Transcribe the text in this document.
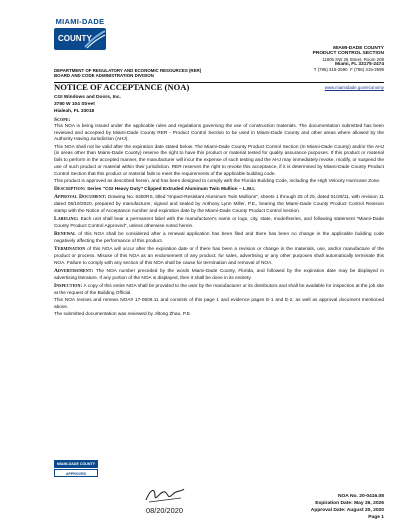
MIAMI-DADE
COUNTY
DEPARTMENT OF REGULATORY AND ECONOMIC RESOURCES (RER)
BOARD AND CODE ADMINISTRATION DIVISION
MIAMI-DADE COUNTY
PRODUCT CONTROL SECTION
11805 SW 26 Street, Room 208
Miami, FL 33175-2474
T (786) 315-2590 F (786) 315-2599
NOTICE OF ACCEPTANCE (NOA)	www.miamidade.gov/economy
CGI Windows and Doors, Inc.
3780 W 104 Street
Hialeah, FL 33018

Scope:
This NOA is being issued under the applicable rules and regulations governing the use of construction materials. The documentation submitted has been reviewed and accepted by Miami-Dade County RER - Product Control Section to be used in Miami-Dade County and other areas where allowed by the Authority Having Jurisdiction (AHJ).

This NOA shall not be valid after the expiration date stated below. The Miami-Dade County Product Control Section (In Miami-Dade County) and/or the AHJ (in areas other than Miami-Dade County) reserve the right to have this product or material tested for quality assurance purposes. If this product or material fails to perform in the accepted manner, the manufacturer will incur the expense of such testing and the AHJ may immediately revoke, modify, or suspend the use of such product or material within their jurisdiction. RER reserves the right to revoke this acceptance, if it is determined by Miami-Dade County Product Control Section that this product or material fails to meet the requirements of the applicable building code.

This product is approved as described herein, and has been designed to comply with the Florida Building Code, including the High Velocity Hurricane Zone.

Description: Series "CGI Heavy Duty" Clipped Extruded Aluminum Twin Mullion – L.M.I.

Approval Document: Drawing No. 6300RS, titled "Impact-Resistant Aluminum Twin Mullions", sheets 1 through 25 of 25, dated 01/29/11, with revision 11 dated 05/19/2020, prepared by manufacturer, signed and sealed by Anthony Lynn Miller, P.E., bearing the Miami-Dade County Product Control Revision stamp with the Notice of Acceptance number and expiration date by the Miami-Dade County Product Control Section.

Labeling: Each unit shall bear a permanent label with the manufacturer's name or logo, city, state, model/series, and following statement "Miami-Dade County Product Control Approved", unless otherwise noted herein.

Renewal of this NOA shall be considered after a renewal application has been filed and there has been no change in the applicable building code negatively affecting the performance of this product.

Termination of this NOA will occur after the expiration date or if there has been a revision or change in the materials, use, and/or manufacture of the product or process. Misuse of this NOA as an endorsement of any product, for sales, advertising or any other purposes shall automatically terminate this NOA. Failure to comply with any section of this NOA shall be cause for termination and removal of NOA.

Advertisement: The NOA number preceded by the words Miami-Dade County, Florida, and followed by the expiration date may be displayed in advertising literature. If any portion of the NOA is displayed, then it shall be done in its entirety.

Inspection: A copy of this entire NOA shall be provided to the user by the manufacturer or its distributors and shall be available for inspection at the job site at the request of the Building Official.

This NOA revises and renews NOA# 17-0609.11 and consists of this page 1 and evidence pages E-1 and E-2, as well as approval document mentioned above.

The submitted documentation was reviewed by Jiltong Zhao, P.E.

MIAMI-DADE COUNTY
APPROVED
08/20/2020
NOA No. 20-0416.08
Expiration Date: May 26, 2026
Approval Date: August 20, 2020
Page 1
